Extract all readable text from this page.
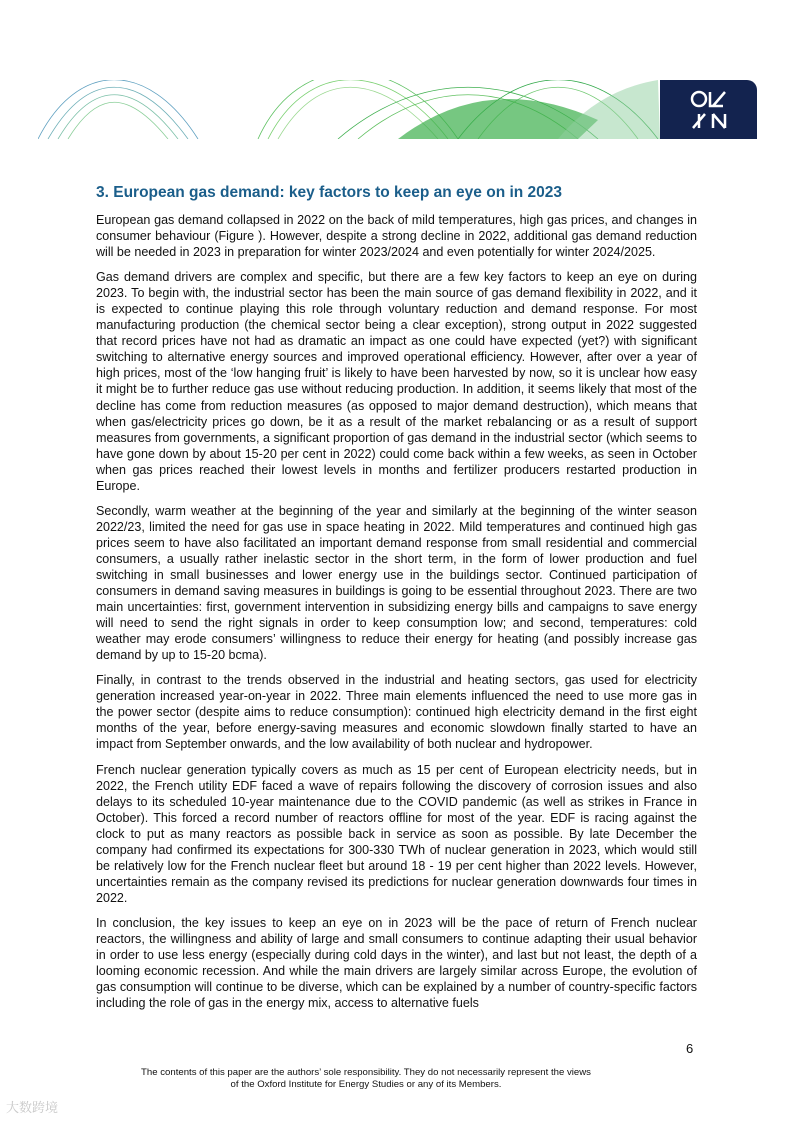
3. European gas demand: key factors to keep an eye on in 2023

European gas demand collapsed in 2022 on the back of mild temperatures, high gas prices, and changes in consumer behaviour (Figure ). However, despite a strong decline in 2022, additional gas demand reduction will be needed in 2023 in preparation for winter 2023/2024 and even potentially for winter 2024/2025.

Gas demand drivers are complex and specific, but there are a few key factors to keep an eye on during 2023. To begin with, the industrial sector has been the main source of gas demand flexibility in 2022, and it is expected to continue playing this role through voluntary reduction and demand response. For most manufacturing production (the chemical sector being a clear exception), strong output in 2022 suggested that record prices have not had as dramatic an impact as one could have expected (yet?) with significant switching to alternative energy sources and improved operational efficiency. However, after over a year of high prices, most of the ‘low hanging fruit’ is likely to have been harvested by now, so it is unclear how easy it might be to further reduce gas use without reducing production. In addition, it seems likely that most of the decline has come from reduction measures (as opposed to major demand destruction), which means that when gas/electricity prices go down, be it as a result of the market rebalancing or as a result of support measures from governments, a significant proportion of gas demand in the industrial sector (which seems to have gone down by about 15-20 per cent in 2022) could come back within a few weeks, as seen in October when gas prices reached their lowest levels in months and fertilizer producers restarted production in Europe.

Secondly, warm weather at the beginning of the year and similarly at the beginning of the winter season 2022/23, limited the need for gas use in space heating in 2022. Mild temperatures and continued high gas prices seem to have also facilitated an important demand response from small residential and commercial consumers, a usually rather inelastic sector in the short term, in the form of lower production and fuel switching in small businesses and lower energy use in the buildings sector. Continued participation of consumers in demand saving measures in buildings is going to be essential throughout 2023. There are two main uncertainties: first, government intervention in subsidizing energy bills and campaigns to save energy will need to send the right signals in order to keep consumption low; and second, temperatures: cold weather may erode consumers’ willingness to reduce their energy for heating (and possibly increase gas demand by up to 15-20 bcma).

Finally, in contrast to the trends observed in the industrial and heating sectors, gas used for electricity generation increased year-on-year in 2022. Three main elements influenced the need to use more gas in the power sector (despite aims to reduce consumption): continued high electricity demand in the first eight months of the year, before energy-saving measures and economic slowdown finally started to have an impact from September onwards, and the low availability of both nuclear and hydropower.

French nuclear generation typically covers as much as 15 per cent of European electricity needs, but in 2022, the French utility EDF faced a wave of repairs following the discovery of corrosion issues and also delays to its scheduled 10-year maintenance due to the COVID pandemic (as well as strikes in France in October). This forced a record number of reactors offline for most of the year. EDF is racing against the clock to put as many reactors as possible back in service as soon as possible. By late December the company had confirmed its expectations for 300-330 TWh of nuclear generation in 2023, which would still be relatively low for the French nuclear fleet but around 18 - 19 per cent higher than 2022 levels. However, uncertainties remain as the company revised its predictions for nuclear generation downwards four times in 2022.

In conclusion, the key issues to keep an eye on in 2023 will be the pace of return of French nuclear reactors, the willingness and ability of large and small consumers to continue adapting their usual behavior in order to use less energy (especially during cold days in the winter), and last but not least, the depth of a looming economic recession. And while the main drivers are largely similar across Europe, the evolution of gas consumption will continue to be diverse, which can be explained by a number of country-specific factors including the role of gas in the energy mix, access to alternative fuels

6
The contents of this paper are the authors’ sole responsibility. They do not necessarily represent the views
of the Oxford Institute for Energy Studies or any of its Members.
大数跨境
